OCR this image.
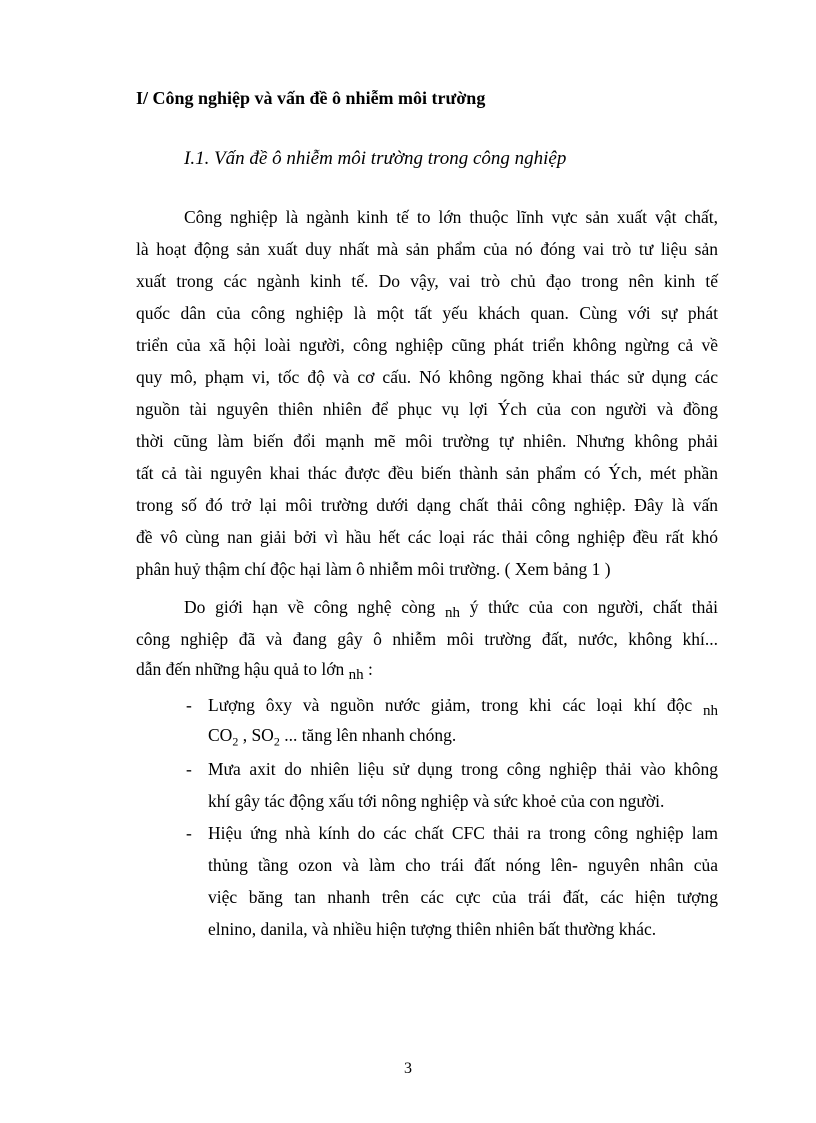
I/ Công nghiệp và vấn đề ô nhiễm môi trường
I.1. Vấn đề ô nhiễm môi trường trong công nghiệp
Công nghiệp là ngành kinh tế to lớn thuộc lĩnh vực sản xuất vật chất,
là hoạt động sản xuất duy nhất mà sản phẩm của nó đóng vai trò tư liệu sản
xuất trong các ngành kinh tế. Do vậy, vai trò chủ đạo trong nên kinh tế
quốc dân của công nghiệp là một tất yếu khách quan. Cùng với sự phát
triển của xã hội loài người, công nghiệp cũng phát triển không ngừng cả về
quy mô, phạm vi, tốc độ và cơ cấu. Nó không ngõng khai thác sử dụng các
nguồn tài nguyên thiên nhiên để phục vụ lợi Ých của con người và đồng
thời cũng làm biến đổi mạnh mẽ môi trường tự nhiên. Nhưng không phải
tất cả tài nguyên khai thác được đều biến thành sản phẩm có Ých, mét phần
trong số đó trở lại môi trường dưới dạng chất thải công nghiệp. Đây là vấn
đề vô cùng nan giải bởi vì hầu hết các loại rác thải công nghiệp đều rất khó
phân huỷ thậm chí độc hại làm ô nhiễm môi trường. ( Xem bảng 1 )
Do giới hạn về công nghệ còng nh ý thức của con người, chất thải
công nghiệp đã và đang gây ô nhiễm môi trường đất, nước, không khí...
dẫn đến những hậu quả to lớn nh :
- Lượng ôxy và nguồn nước giảm, trong khi các loại khí độc nh
$CO_2$ , $SO_2$ ... tăng lên nhanh chóng.
- Mưa axit do nhiên liệu sử dụng trong công nghiệp thải vào không
khí gây tác động xấu tới nông nghiệp và sức khoẻ của con người.
- Hiệu ứng nhà kính do các chất CFC thải ra trong công nghiệp lam
thủng tầng ozon và làm cho trái đất nóng lên- nguyên nhân của
việc băng tan nhanh trên các cực của trái đất, các hiện tượng
elnino, danila, và nhiều hiện tượng thiên nhiên bất thường khác.
3
